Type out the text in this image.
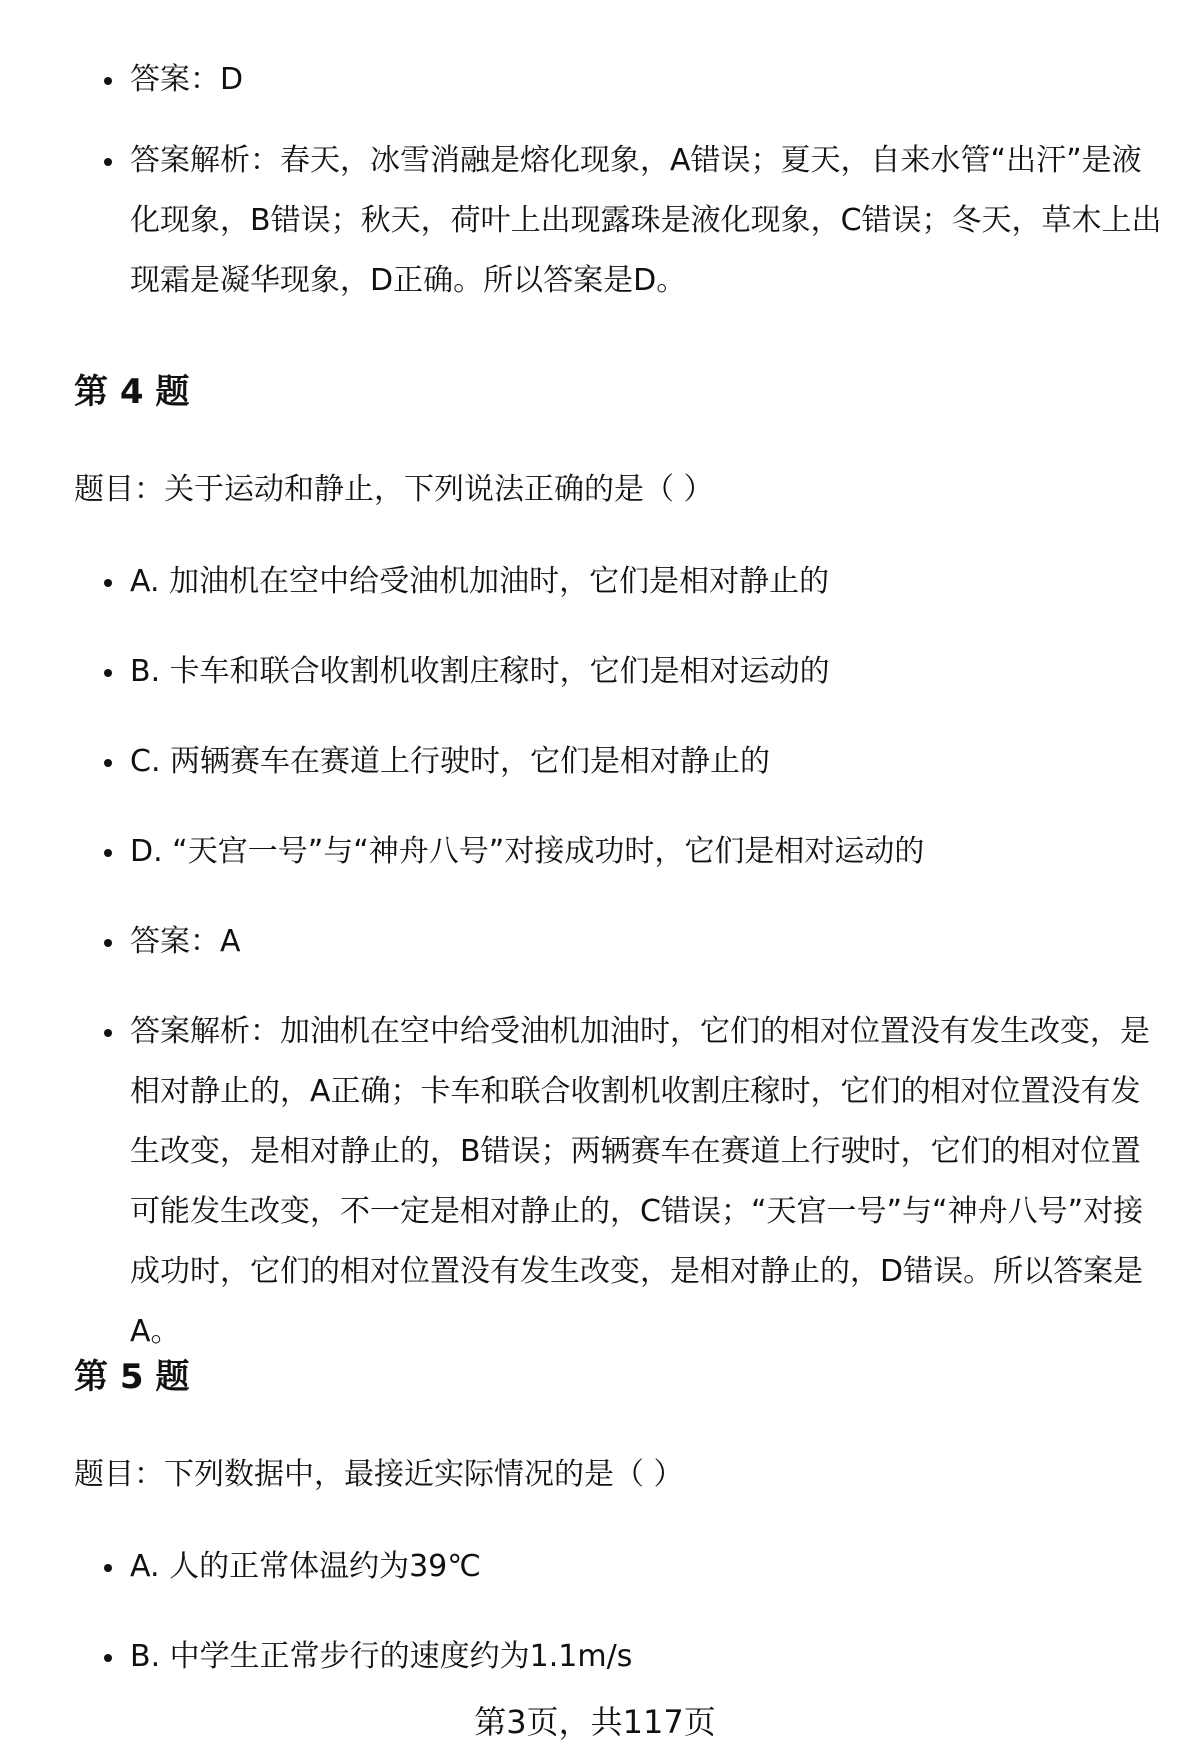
答案：D
答案解析：春天，冰雪消融是熔化现象，A错误；夏天，自来水管“出汗”是液化现象，B错误；秋天，荷叶上出现露珠是液化现象，C错误；冬天，草木上出现霜是凝华现象，D正确。所以答案是D。
第 4 题

题目：关于运动和静止，下列说法正确的是（ ）

A. 加油机在空中给受油机加油时，它们是相对静止的
B. 卡车和联合收割机收割庄稼时，它们是相对运动的
C. 两辆赛车在赛道上行驶时，它们是相对静止的
D. “天宫一号”与“神舟八号”对接成功时，它们是相对运动的
答案：A
答案解析：加油机在空中给受油机加油时，它们的相对位置没有发生改变，是相对静止的，A正确；卡车和联合收割机收割庄稼时，它们的相对位置没有发生改变，是相对静止的，B错误；两辆赛车在赛道上行驶时，它们的相对位置可能发生改变，不一定是相对静止的，C错误；“天宫一号”与“神舟八号”对接成功时，它们的相对位置没有发生改变，是相对静止的，D错误。所以答案是A。
第 5 题

题目：下列数据中，最接近实际情况的是（ ）

A. 人的正常体温约为39℃
B. 中学生正常步行的速度约为1.1m/s
第3页，共117页
